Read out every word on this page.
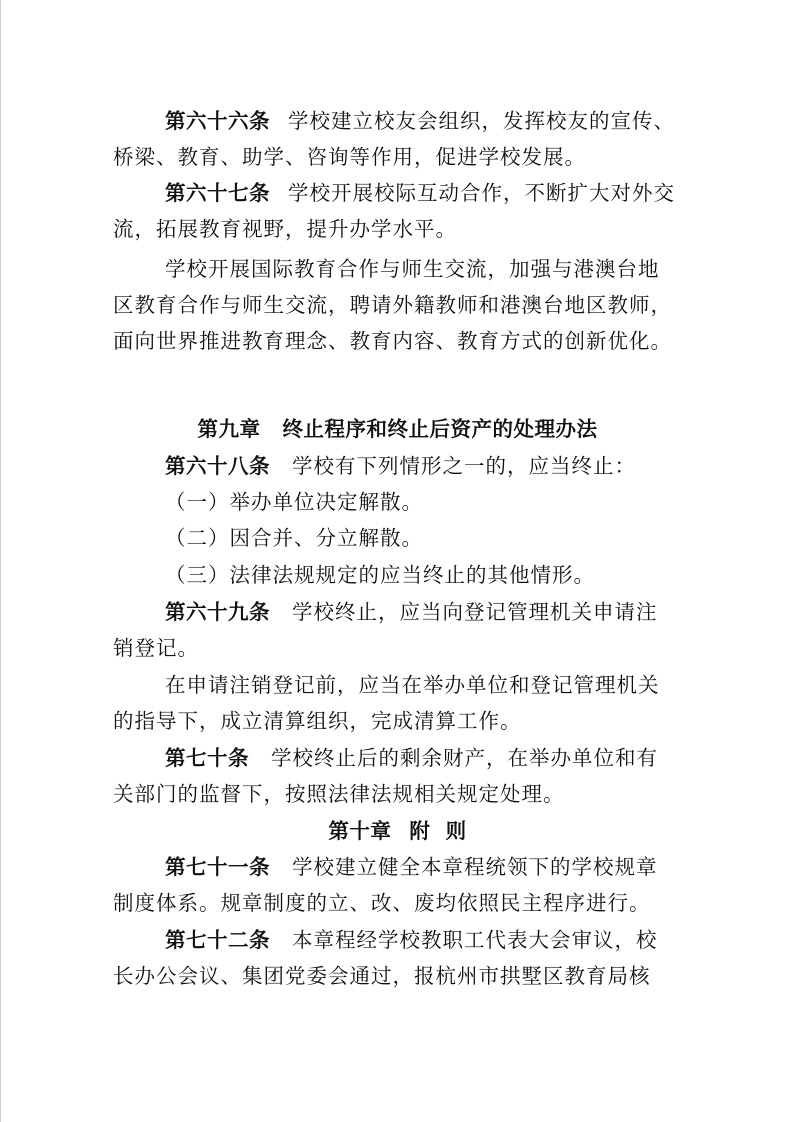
第六十六条 学校建立校友会组织，发挥校友的宣传、
桥梁、教育、助学、咨询等作用，促进学校发展。
第六十七条 学校开展校际互动合作，不断扩大对外交
流，拓展教育视野，提升办学水平。
学校开展国际教育合作与师生交流，加强与港澳台地
区教育合作与师生交流，聘请外籍教师和港澳台地区教师，
面向世界推进教育理念、教育内容、教育方式的创新优化。
第九章 终止程序和终止后资产的处理办法
第六十八条 学校有下列情形之一的，应当终止：
（一）举办单位决定解散。
（二）因合并、分立解散。
（三）法律法规规定的应当终止的其他情形。
第六十九条 学校终止，应当向登记管理机关申请注
销登记。
在申请注销登记前，应当在举办单位和登记管理机关
的指导下，成立清算组织，完成清算工作。
第七十条 学校终止后的剩余财产，在举办单位和有
关部门的监督下，按照法律法规相关规定处理。
第十章 附  则
第七十一条 学校建立健全本章程统领下的学校规章
制度体系。规章制度的立、改、废均依照民主程序进行。
第七十二条 本章程经学校教职工代表大会审议，校
长办公会议、集团党委会通过，报杭州市拱墅区教育局核
